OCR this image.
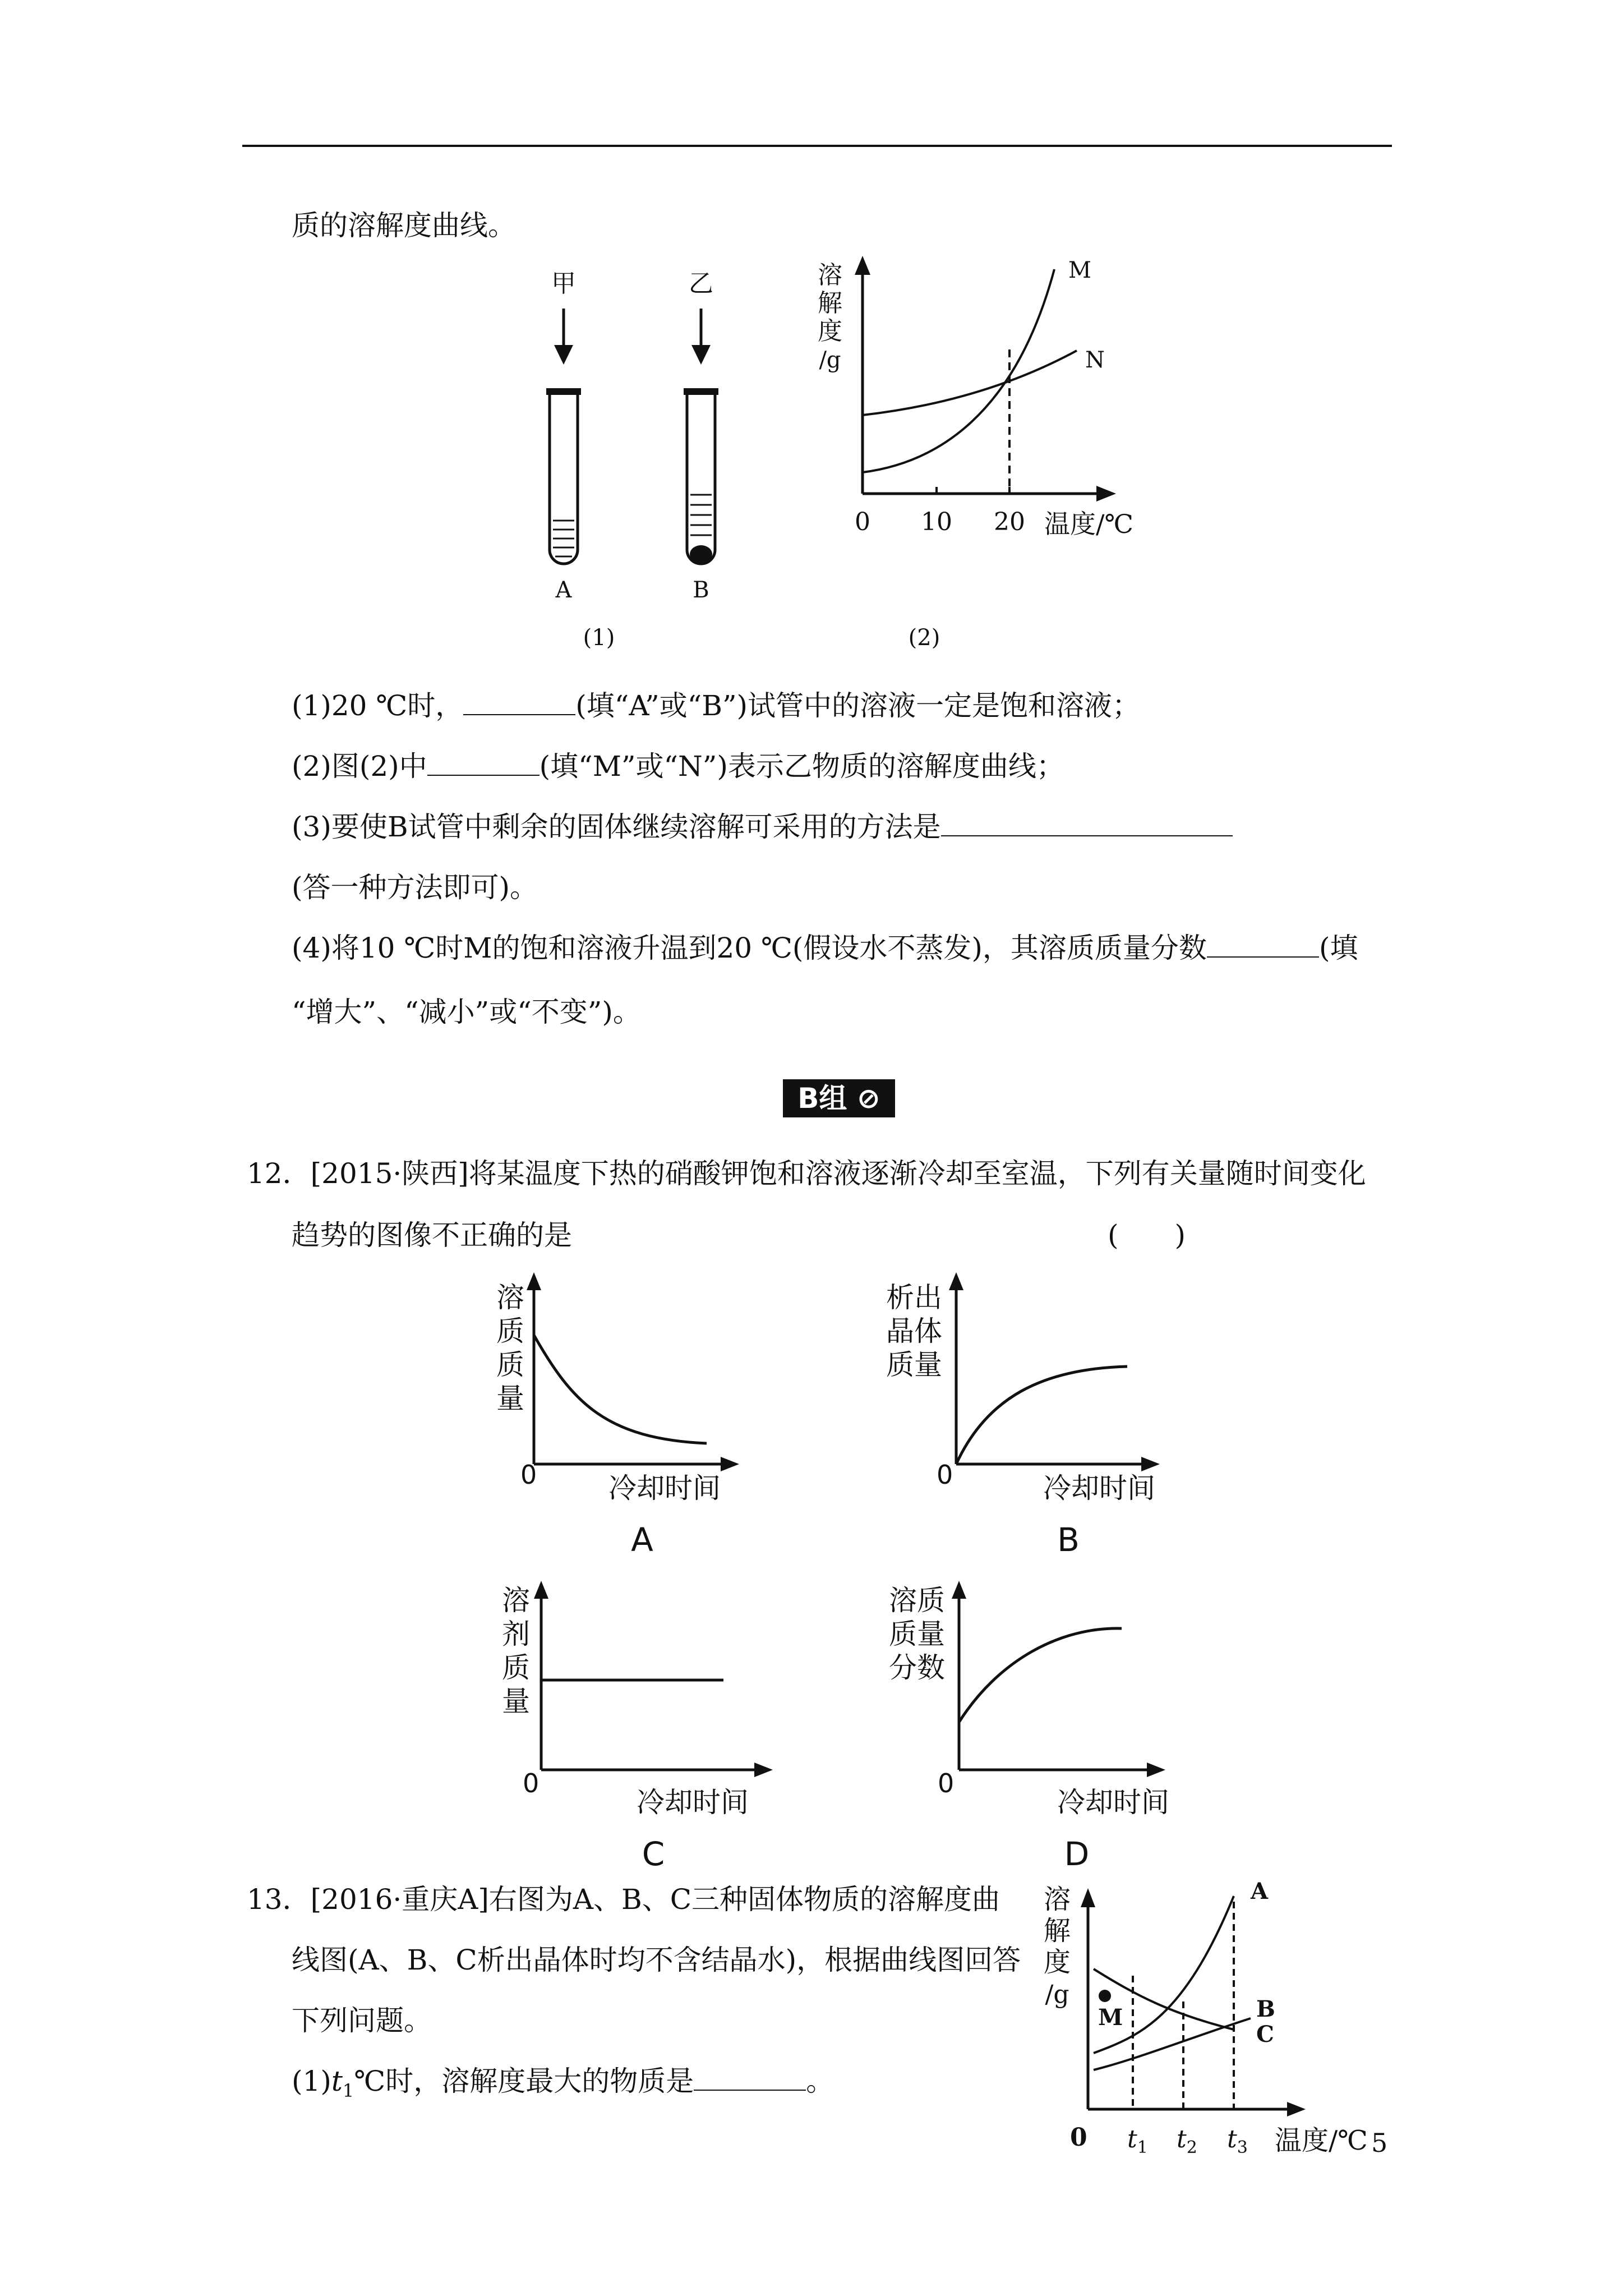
质的溶解度曲线。
甲	乙
A	B
(1)
溶
解
度
/g
M
N
0 10 20 温度/℃
(2)
(1)20 ℃时，	(填“A”或“B”)试管中的溶液一定是饱和溶液；
(2)图(2)中	(填“M”或“N”)表示乙物质的溶解度曲线；
(3)要使B试管中剩余的固体继续溶解可采用的方法是
(答一种方法即可)。
(4)将10 ℃时M的饱和溶液升温到20 ℃(假设水不蒸发)，其溶质质量分数	(填
“增大”、“减小”或“不变”)。
B组 ⊘
12．[2015·陕西]将某温度下热的硝酸钾饱和溶液逐渐冷却至室温，下列有关量随时间变化
趋势的图像不正确的是	(　　)
溶
质
质
量
0	冷却时间
A
析出
晶体
质量
0	冷却时间
B
溶
剂
质
量
0
冷却时间
C
溶质
质量
分数
0
冷却时间
D
13．[2016·重庆A]右图为A、B、C三种固体物质的溶解度曲
线图(A、B、C析出晶体时均不含结晶水)，根据曲线图回答
下列问题。
$(1)t_1℃$时，溶解度最大的物质是	。
溶
解
度
/g
M
A
B
C
0 $t_1$ $t_2$ $t_3$ 温度/℃ 5
